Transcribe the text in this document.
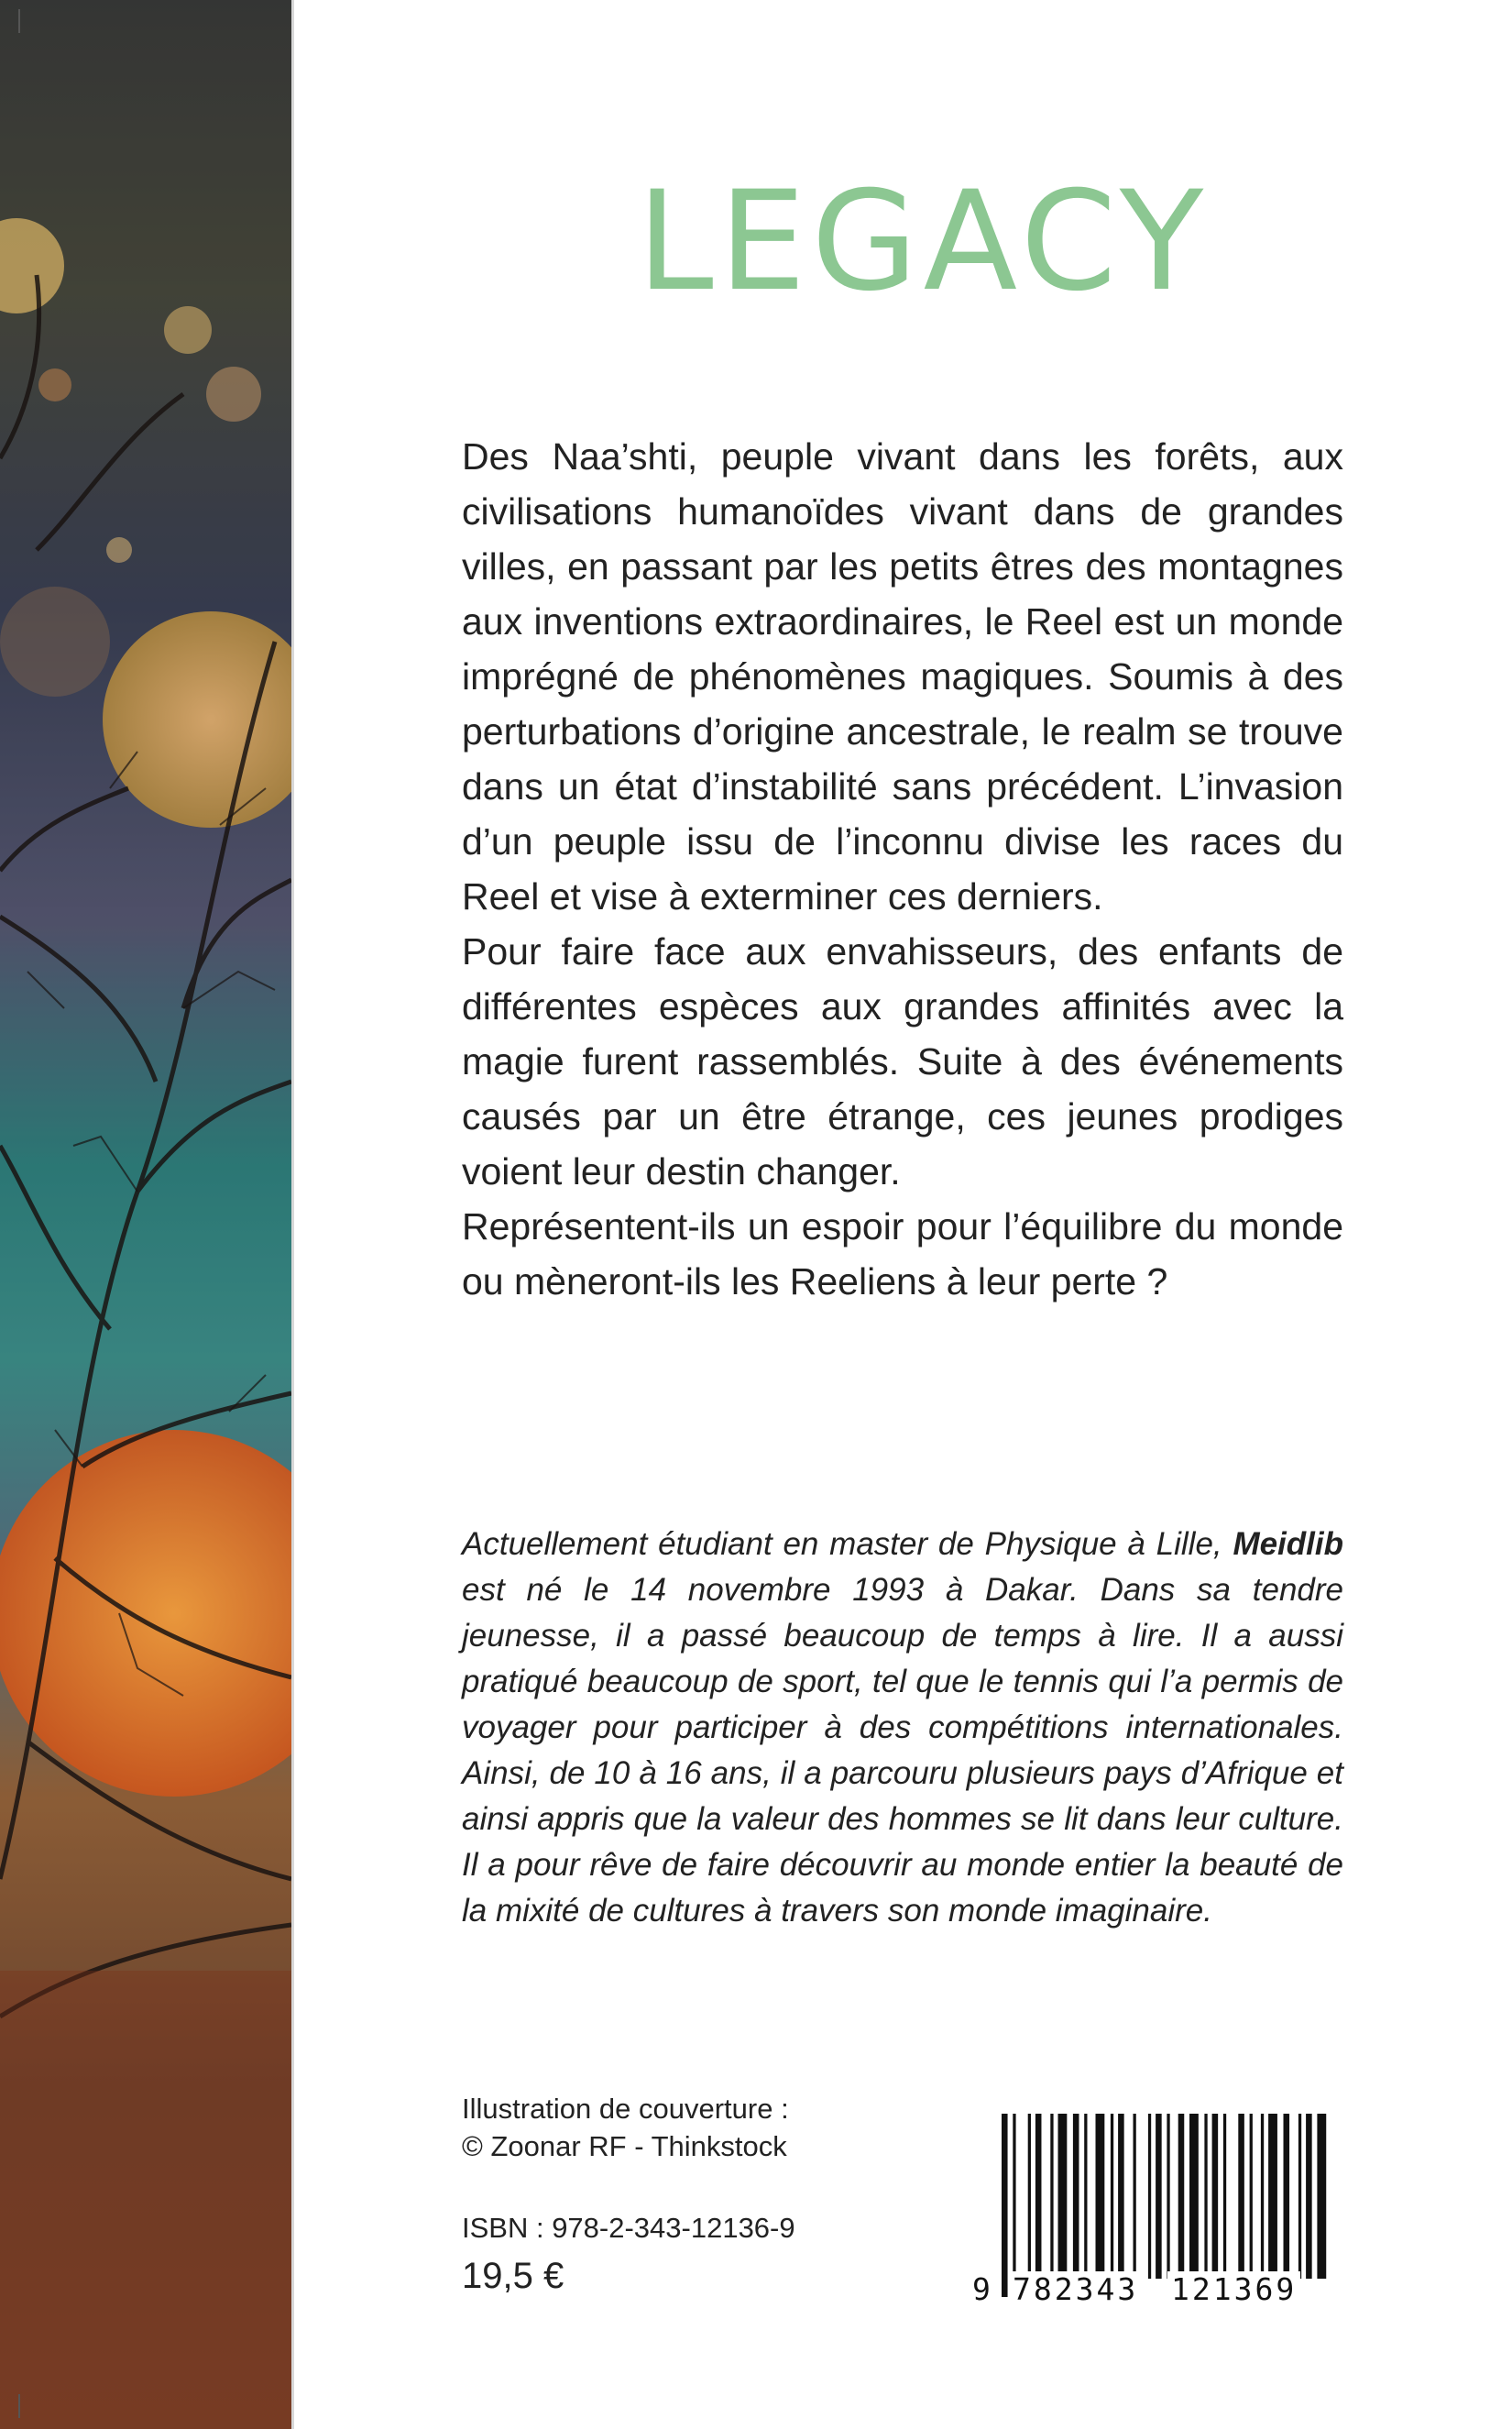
LEGACY

Des Naa’shti, peuple vivant dans les forêts, aux civilisations humanoïdes vivant dans de grandes villes, en passant par les petits êtres des montagnes aux inventions extraordinaires, le Reel est un monde imprégné de phénomènes magiques. Soumis à des perturbations d’origine ancestrale, le realm se trouve dans un état d’instabilité sans précédent. L’invasion d’un peuple issu de l’inconnu divise les races du Reel et vise à exterminer ces derniers.

Pour faire face aux envahisseurs, des enfants de différentes espèces aux grandes affinités avec la magie furent rassemblés. Suite à des événements causés par un être étrange, ces jeunes prodiges voient leur destin changer.

Représentent-ils un espoir pour l’équilibre du monde ou mèneront-ils les Reeliens à leur perte ?

Actuellement étudiant en master de Physique à Lille, Meidlib est né le 14 novembre 1993 à Dakar. Dans sa tendre jeunesse, il a passé beaucoup de temps à lire. Il a aussi pratiqué beaucoup de sport, tel que le tennis qui l’a permis de voyager pour participer à des compétitions internationales. Ainsi, de 10 à 16 ans, il a parcouru plusieurs pays d’Afrique et ainsi appris que la valeur des hommes se lit dans leur culture. Il a pour rêve de faire découvrir au monde entier la beauté de la mixité de cultures à travers son monde imaginaire.
Illustration de couverture :
© Zoonar RF - Thinkstock
ISBN : 978-2-343-12136-9
19,5 €	9 782343 121369
